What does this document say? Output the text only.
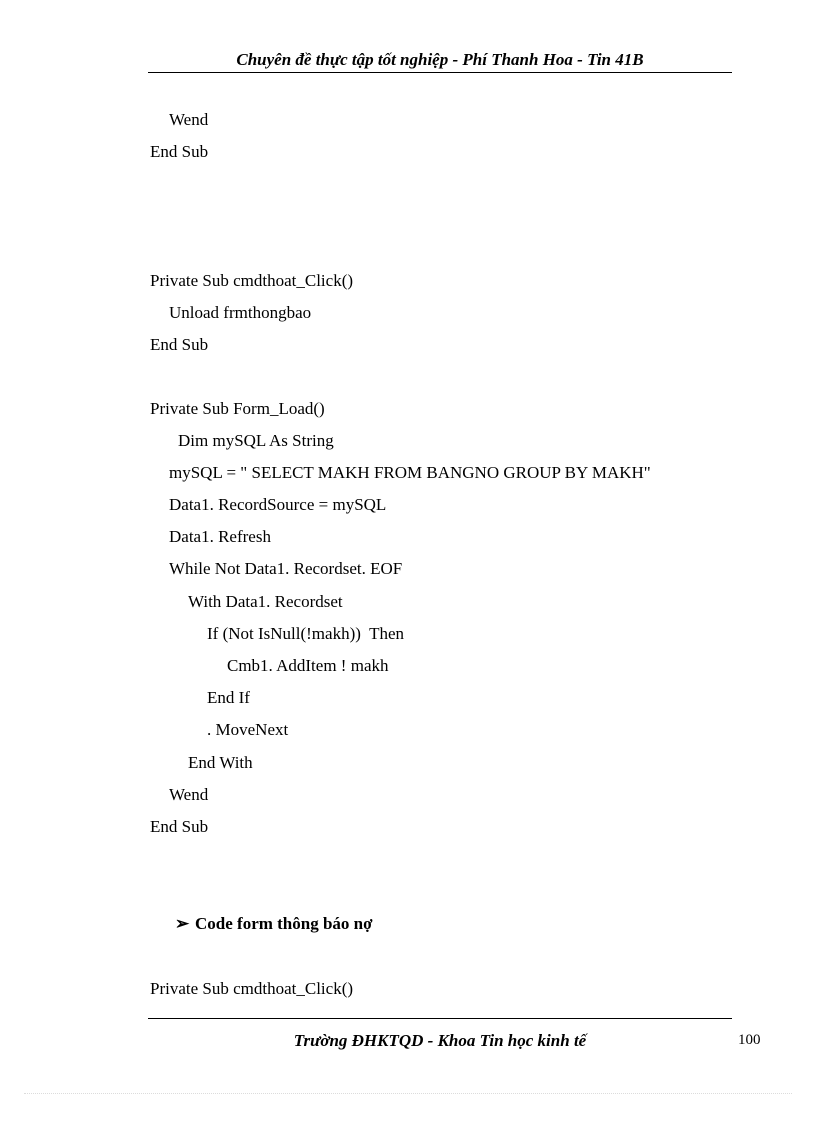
Chuyên đề thực tập tốt nghiệp - Phí Thanh Hoa - Tin 41B
Wend
End Sub
Private Sub cmdthoat_Click()
Unload frmthongbao
End Sub
Private Sub Form_Load()
Dim mySQL As String
mySQL = " SELECT MAKH FROM BANGNO GROUP BY MAKH"
Data1. RecordSource = mySQL
Data1. Refresh
While Not Data1. Recordset. EOF
With Data1. Recordset
If (Not IsNull(!makh))  Then
Cmb1. AddItem ! makh
End If
. MoveNext
End With
Wend
End Sub
➢ Code form thông báo nợ
Private Sub cmdthoat_Click()
Trường ĐHKTQD - Khoa Tin học kinh tế	100
